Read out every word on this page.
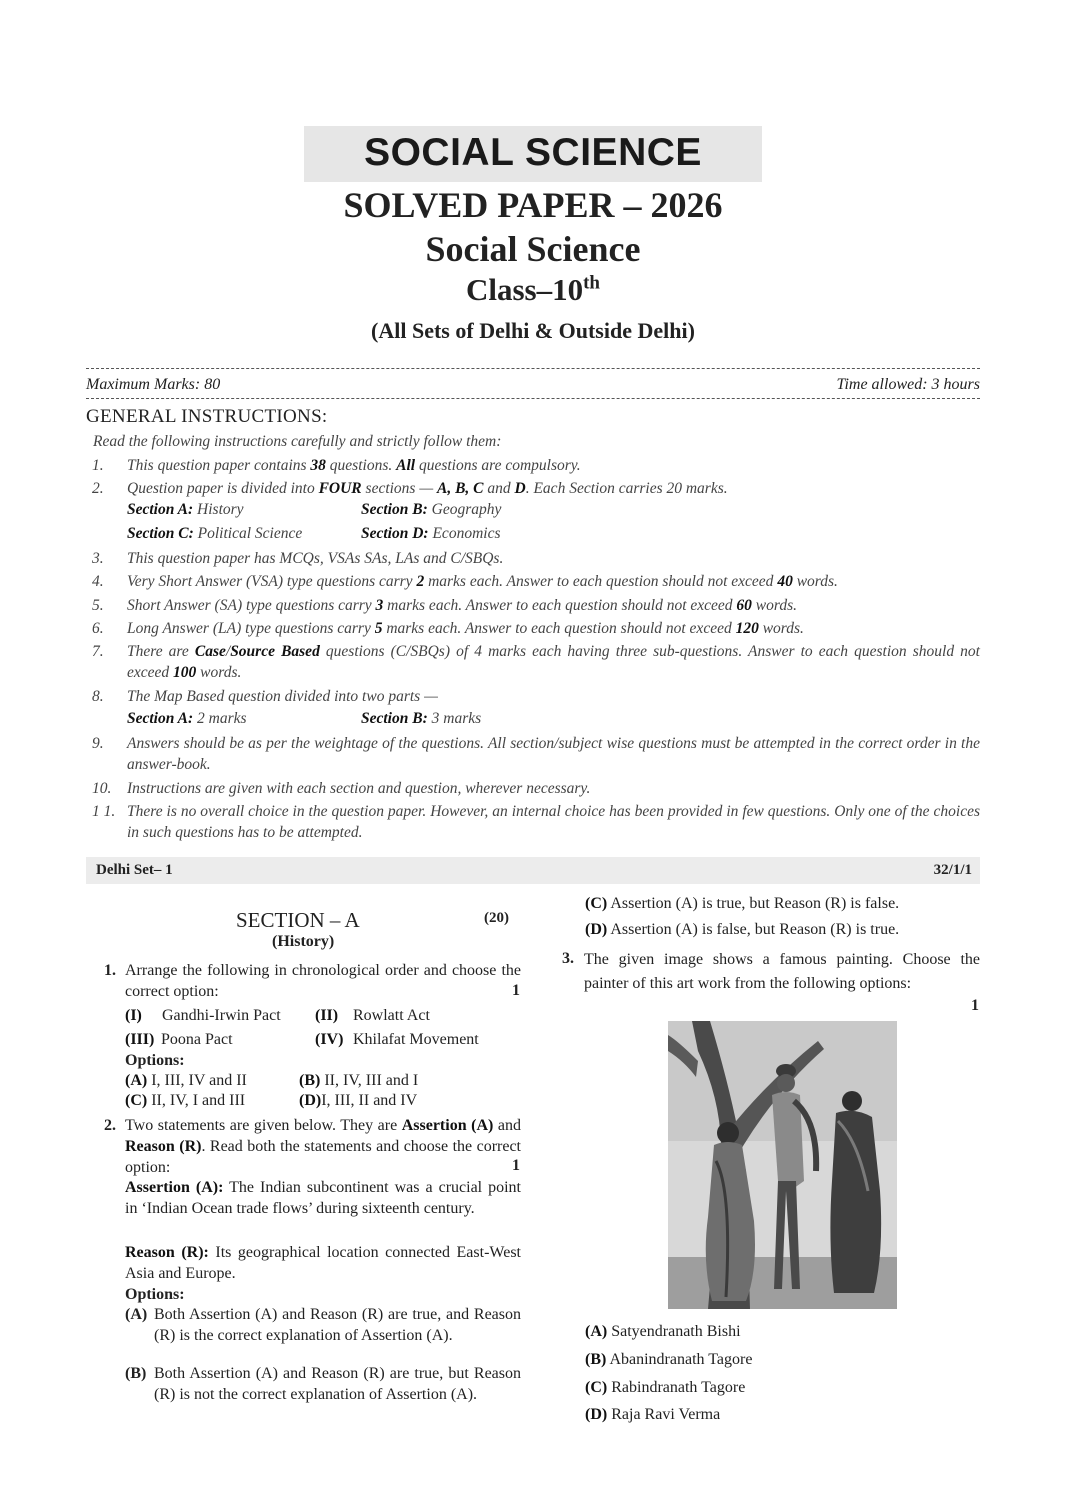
SOCIAL SCIENCE
SOLVED PAPER – 2026
Social Science
Class–10th
(All Sets of Delhi & Outside Delhi)
Maximum Marks: 80	Time allowed: 3 hours
GENERAL INSTRUCTIONS:
Read the following instructions carefully and strictly follow them:
1. This question paper contains 38 questions. All questions are compulsory.
2. Question paper is divided into FOUR sections — A, B, C and D. Each Section carries 20 marks.
Section A: History	Section B: Geography
Section C: Political Science	Section D: Economics
3. This question paper has MCQs, VSAs SAs, LAs and C/SBQs.
4. Very Short Answer (VSA) type questions carry 2 marks each. Answer to each question should not exceed 40 words.
5. Short Answer (SA) type questions carry 3 marks each. Answer to each question should not exceed 60 words.
6. Long Answer (LA) type questions carry 5 marks each. Answer to each question should not exceed 120 words.
7. There are Case/Source Based questions (C/SBQs) of 4 marks each having three sub-questions. Answer to each question should not exceed 100 words.
8. The Map Based question divided into two parts —
Section A: 2 marks	Section B: 3 marks
9. Answers should be as per the weightage of the questions. All section/subject wise questions must be attempted in the correct order in the answer-book.
10. Instructions are given with each section and question, wherever necessary.
1 1. There is no overall choice in the question paper. However, an internal choice has been provided in few questions. Only one of the choices in such questions has to be attempted.
Delhi Set– 1	32/1/1
SECTION – A	(20)
(History)
1. Arrange the following in chronological order and choose the correct option:	1
(I) Gandhi-Irwin Pact (II) Rowlatt Act
(III) Poona Pact	(IV) Khilafat Movement
Options:
(A) I, III, IV and II	(B) II, IV, III and I
(C) II, IV, I and III	(D)I, III, II and IV
2. Two statements are given below. They are Assertion (A) and Reason (R). Read both the statements and choose the correct option:	1
Assertion (A): The Indian subcontinent was a crucial point in ‘Indian Ocean trade flows’ during sixteenth century.
Reason (R): Its geographical location connected East-West Asia and Europe.
Options:
(A) Both Assertion (A) and Reason (R) are true, and Reason (R) is the correct explanation of Assertion (A).
(B) Both Assertion (A) and Reason (R) are true, but Reason (R) is not the correct explanation of Assertion (A).
(C) Assertion (A) is true, but Reason (R) is false.
(D) Assertion (A) is false, but Reason (R) is true.
3. The given image shows a famous painting. Choose the painter of this art work from the following options:
1
(A) Satyendranath Bishi
(B) Abanindranath Tagore
(C) Rabindranath Tagore
(D) Raja Ravi Verma
